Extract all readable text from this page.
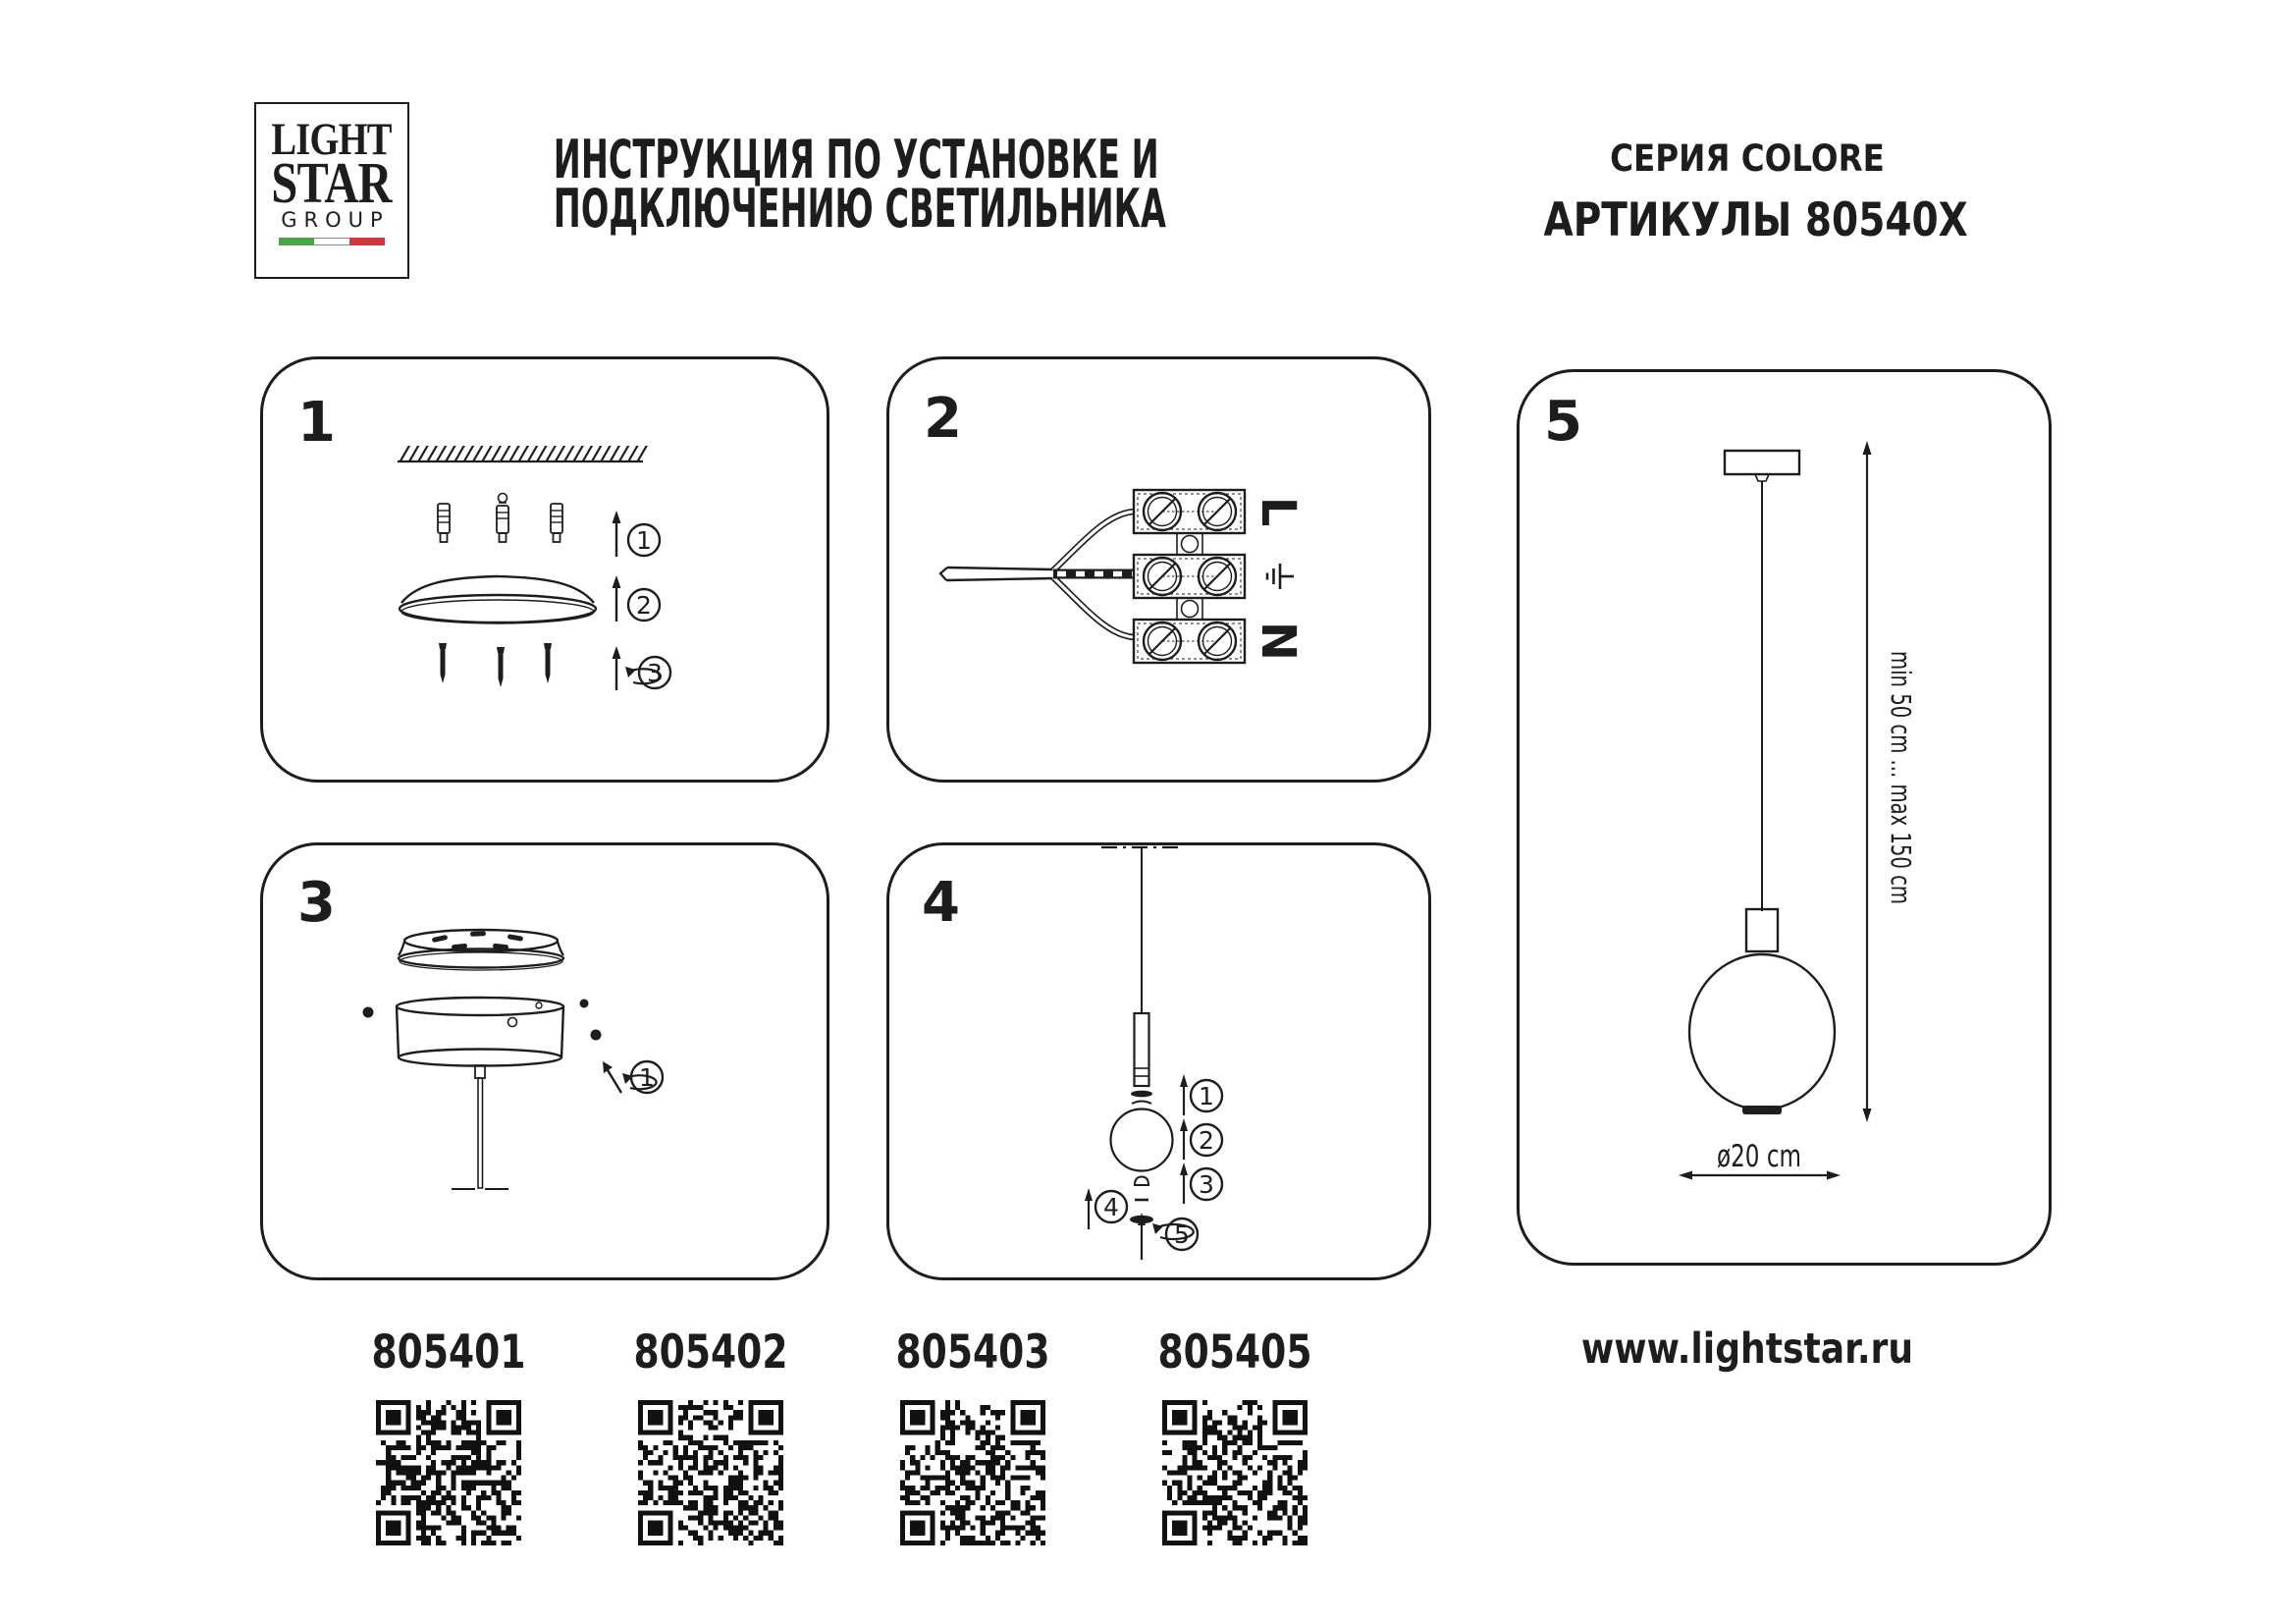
LIGHT
STAR
GROUP
ИНСТРУКЦИЯ ПО УСТАНОВКЕ И
ПОДКЛЮЧЕНИЮ СВЕТИЛЬНИКА
СЕРИЯ COLORE
АРТИКУЛЫ 80540X
1
1
2
3
2
L
N
3
1
4
1
2
3
4
5
5
min 50 cm ... max 150 cm
ø20 cm
805401 805402 805403 805405	www.lightstar.ru
